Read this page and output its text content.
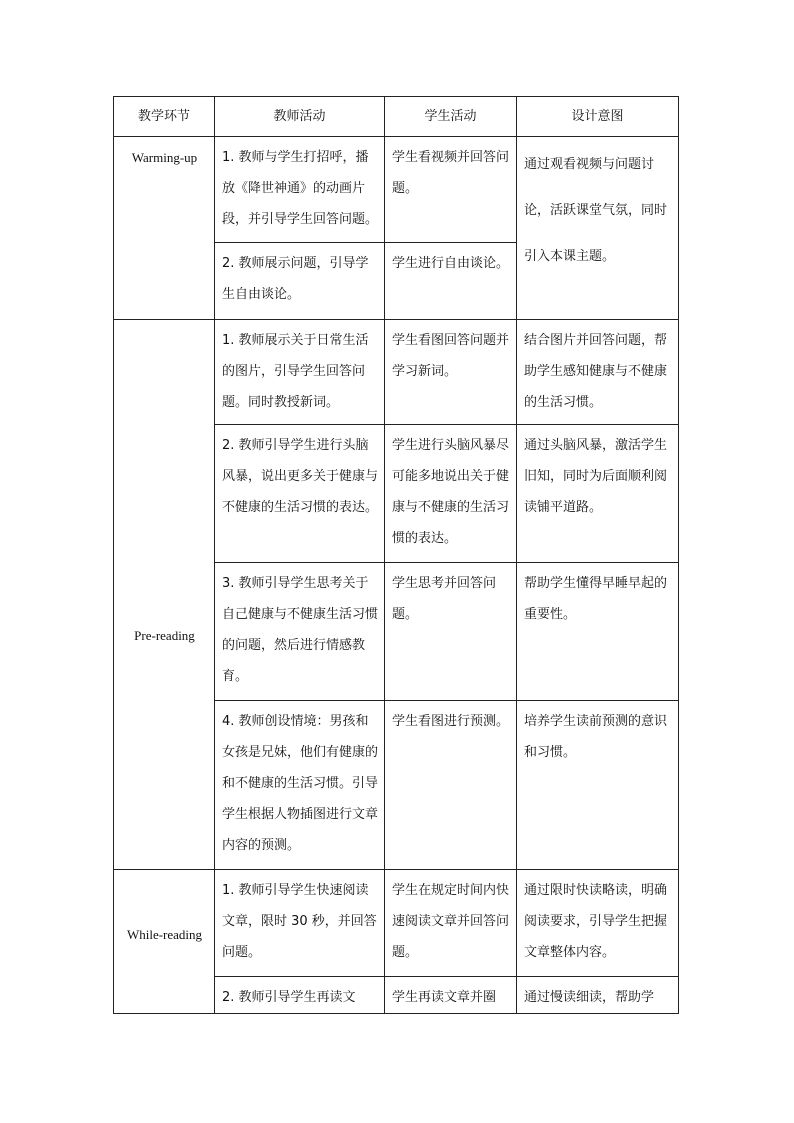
教学环节	教师活动	学生活动	设计意图
Warming-up	1. 教师与学生打招呼，播放《降世神通》的动画片段，并引导学生回答问题。	学生看视频并回答问题。	通过观看视频与问题讨论，活跃课堂气氛，同时引入本课主题。
	2. 教师展示问题，引导学生自由谈论。	学生进行自由谈论。	
Pre-reading	1. 教师展示关于日常生活的图片，引导学生回答问题。同时教授新词。	学生看图回答问题并学习新词。	结合图片并回答问题，帮助学生感知健康与不健康的生活习惯。
	2. 教师引导学生进行头脑风暴，说出更多关于健康与不健康的生活习惯的表达。	学生进行头脑风暴尽可能多地说出关于健康与不健康的生活习惯的表达。	通过头脑风暴，激活学生旧知，同时为后面顺利阅读铺平道路。
	3. 教师引导学生思考关于自己健康与不健康生活习惯的问题，然后进行情感教育。	学生思考并回答问题。	帮助学生懂得早睡早起的重要性。
	4. 教师创设情境：男孩和女孩是兄妹，他们有健康的和不健康的生活习惯。引导学生根据人物插图进行文章内容的预测。	学生看图进行预测。	培养学生读前预测的意识和习惯。
While-reading	1. 教师引导学生快速阅读文章，限时 30 秒，并回答问题。	学生在规定时间内快速阅读文章并回答问题。	通过限时快读略读，明确阅读要求，引导学生把握文章整体内容。
	2. 教师引导学生再读文	学生再读文章并圈	通过慢读细读，帮助学
